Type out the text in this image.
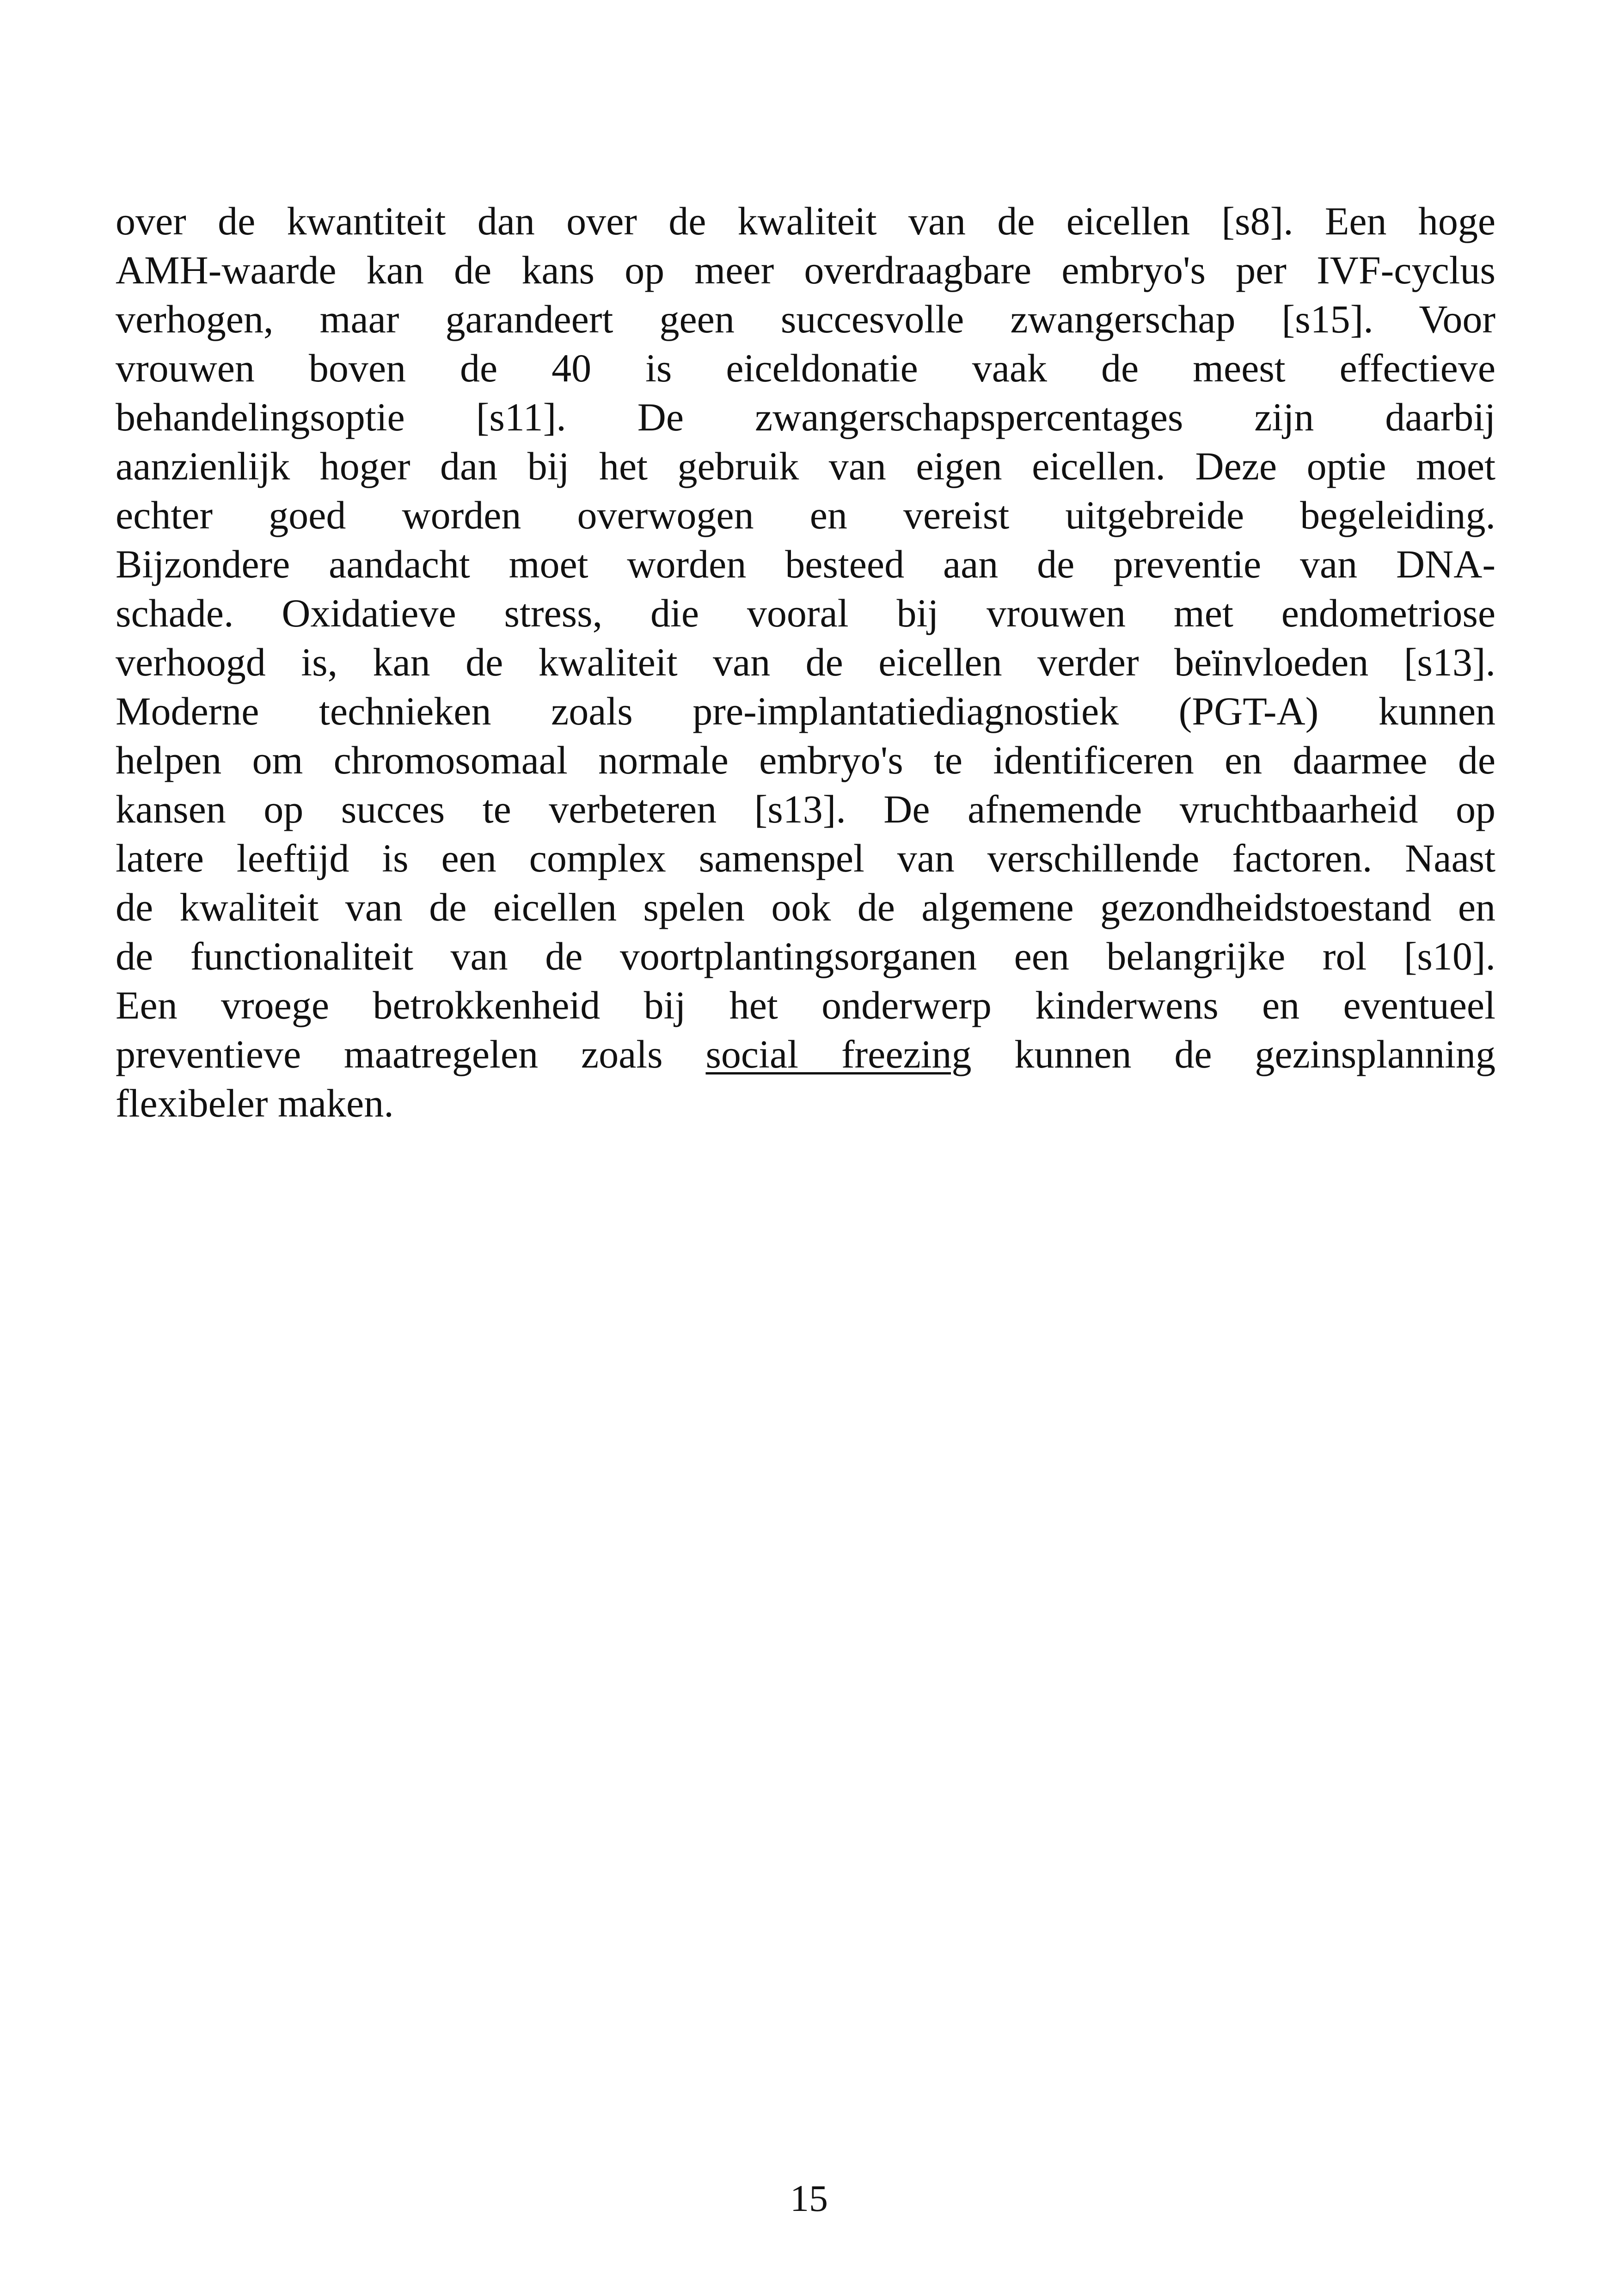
over de kwantiteit dan over de kwaliteit van de eicellen [s8]. Een hoge
AMH-waarde kan de kans op meer overdraagbare embryo's per IVF-cyclus
verhogen, maar garandeert geen succesvolle zwangerschap [s15]. Voor
vrouwen boven de 40 is eiceldonatie vaak de meest effectieve
behandelingsoptie [s11]. De zwangerschapspercentages zijn daarbij
aanzienlijk hoger dan bij het gebruik van eigen eicellen. Deze optie moet
echter goed worden overwogen en vereist uitgebreide begeleiding.
Bijzondere aandacht moet worden besteed aan de preventie van DNA-
schade. Oxidatieve stress, die vooral bij vrouwen met endometriose
verhoogd is, kan de kwaliteit van de eicellen verder beïnvloeden [s13].
Moderne technieken zoals pre-implantatiediagnostiek (PGT-A) kunnen
helpen om chromosomaal normale embryo's te identificeren en daarmee de
kansen op succes te verbeteren [s13]. De afnemende vruchtbaarheid op
latere leeftijd is een complex samenspel van verschillende factoren. Naast
de kwaliteit van de eicellen spelen ook de algemene gezondheidstoestand en
de functionaliteit van de voortplantingsorganen een belangrijke rol [s10].
Een vroege betrokkenheid bij het onderwerp kinderwens en eventueel
preventieve maatregelen zoals social freezing kunnen de gezinsplanning
flexibeler maken.
15
